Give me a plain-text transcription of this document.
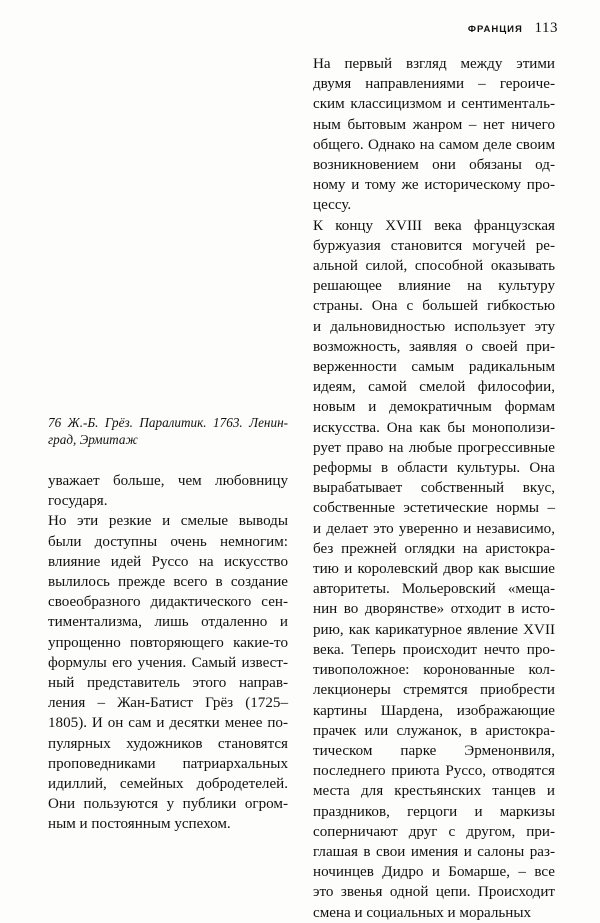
ФРАНЦИЯ 113
76 Ж.-Б. Грёз. Паралитик. 1763. Ленин-
град, Эрмитаж

уважает больше, чем любовницу
государя.

Но эти резкие и смелые выводы
были доступны очень немногим:
влияние идей Руссо на искусство
вылилось прежде всего в создание
своеобразного дидактического сен-
тиментализма, лишь отдаленно и
упрощенно повторяющего какие-то
формулы его учения. Самый извест-
ный представитель этого направ-
ления – Жан-Батист Грёз (1725–
1805). И он сам и десятки менее по-
пулярных художников становятся
проповедниками патриархальных
идиллий, семейных добродетелей.
Они пользуются у публики огром-
ным и постоянным успехом.

На первый взгляд между этими
двумя направлениями – героиче-
ским классицизмом и сентименталь-
ным бытовым жанром – нет ничего
общего. Однако на самом деле своим
возникновением они обязаны од-
ному и тому же историческому про-
цессу.

К концу XVIII века французская
буржуазия становится могучей ре-
альной силой, способной оказывать
решающее влияние на культуру
страны. Она с большей гибкостью
и дальновидностью использует эту
возможность, заявляя о своей при-
верженности самым радикальным
идеям, самой смелой философии,
новым и демократичным формам
искусства. Она как бы монополизи-
рует право на любые прогрессивные
реформы в области культуры. Она
вырабатывает собственный вкус,
собственные эстетические нормы –
и делает это уверенно и независимо,
без прежней оглядки на аристокра-
тию и королевский двор как высшие
авторитеты. Мольеровский «меща-
нин во дворянстве» отходит в исто-
рию, как карикатурное явление XVII
века. Теперь происходит нечто про-
тивоположное: коронованные кол-
лекционеры стремятся приобрести
картины Шардена, изображающие
прачек или служанок, в аристокра-
тическом парке Эрменонвиля,
последнего приюта Руссо, отводятся
места для крестьянских танцев и
праздников, герцоги и маркизы
соперничают друг с другом, при-
глашая в свои имения и салоны раз-
ночинцев Дидро и Бомарше, – все
это звенья одной цепи. Происходит
смена и социальных и моральных
